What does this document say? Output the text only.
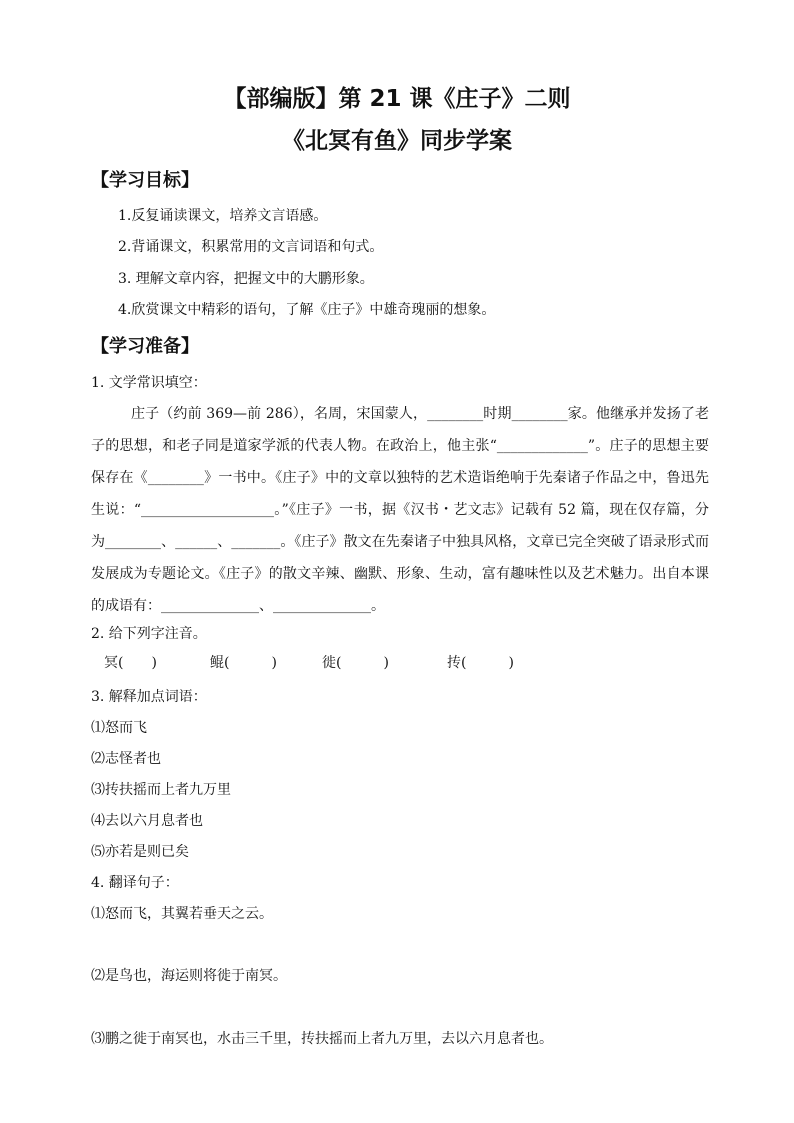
【部编版】第 21 课《庄子》二则
《北冥有鱼》同步学案
【学习目标】
1.反复诵读课文，培养文言语感。
2.背诵课文，积累常用的文言词语和句式。
3. 理解文章内容，把握文中的大鹏形象。
4.欣赏课文中精彩的语句，了解《庄子》中雄奇瑰丽的想象。
【学习准备】
1. 文学常识填空：
庄子（约前 369—前 286），名周，宋国蒙人，________时期________家。他继承并发扬了老子的思想，和老子同是道家学派的代表人物。在政治上，他主张“_____________”。庄子的思想主要保存在《________》一书中。《庄子》中的文章以独特的艺术造诣绝响于先秦诸子作品之中，鲁迅先生说：“___________________。”《庄子》一书，据《汉书・艺文志》记载有 52 篇，现在仅存篇，分为________、______、_______。《庄子》散文在先秦诸子中独具风格，文章已完全突破了语录形式而发展成为专题论文。《庄子》的散文辛辣、幽默、形象、生动，富有趣味性以及艺术魅力。出自本课的成语有：______________、______________。
2. 给下列字注音。
冥(　　)	鲲(　　　)	徙(　　　)	抟(　　　)
3. 解释加点词语：
⑴怒而飞
⑵志怪者也
⑶抟扶摇而上者九万里
⑷去以六月息者也
⑸亦若是则已矣
4. 翻译句子：
⑴怒而飞，其翼若垂天之云。
⑵是鸟也，海运则将徙于南冥。
⑶鹏之徙于南冥也，水击三千里，抟扶摇而上者九万里，去以六月息者也。
